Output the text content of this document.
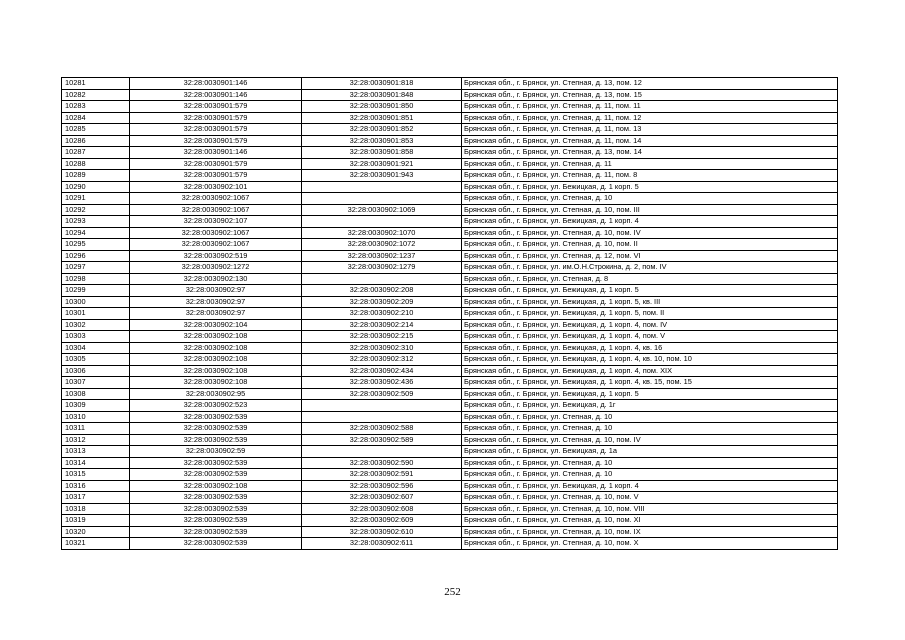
10281	32:28:0030901:146	32:28:0030901:818	Брянская обл., г. Брянск, ул. Степная, д. 13, пом. 12
10282	32:28:0030901:146	32:28:0030901:848	Брянская обл., г. Брянск, ул. Степная, д. 13, пом. 15
10283	32:28:0030901:579	32:28:0030901:850	Брянская обл., г. Брянск, ул. Степная, д. 11, пом. 11
10284	32:28:0030901:579	32:28:0030901:851	Брянская обл., г. Брянск, ул. Степная, д. 11, пом. 12
10285	32:28:0030901:579	32:28:0030901:852	Брянская обл., г. Брянск, ул. Степная, д. 11, пом. 13
10286	32:28:0030901:579	32:28:0030901:853	Брянская обл., г. Брянск, ул. Степная, д. 11, пом. 14
10287	32:28:0030901:146	32:28:0030901:858	Брянская обл., г. Брянск, ул. Степная, д. 13, пом. 14
10288	32:28:0030901:579	32:28:0030901:921	Брянская обл., г. Брянск, ул. Степная, д. 11
10289	32:28:0030901:579	32:28:0030901:943	Брянская обл., г. Брянск, ул. Степная, д. 11, пом. 8
10290	32:28:0030902:101		Брянская обл., г. Брянск, ул. Бежицкая, д. 1 корп. 5
10291	32:28:0030902:1067		Брянская обл., г. Брянск, ул. Степная, д. 10
10292	32:28:0030902:1067	32:28:0030902:1069	Брянская обл., г. Брянск, ул. Степная, д. 10, пом. III
10293	32:28:0030902:107		Брянская обл., г. Брянск, ул. Бежицкая, д. 1 корп. 4
10294	32:28:0030902:1067	32:28:0030902:1070	Брянская обл., г. Брянск, ул. Степная, д. 10, пом. IV
10295	32:28:0030902:1067	32:28:0030902:1072	Брянская обл., г. Брянск, ул. Степная, д. 10, пом. II
10296	32:28:0030902:519	32:28:0030902:1237	Брянская обл., г. Брянск, ул. Степная, д. 12, пом. VI
10297	32:28:0030902:1272	32:28:0030902:1279	Брянская обл., г. Брянск, ул. им.О.Н.Строкина, д. 2, пом. IV
10298	32:28:0030902:130		Брянская обл., г. Брянск, ул. Степная, д. 8
10299	32:28:0030902:97	32:28:0030902:208	Брянская обл., г. Брянск, ул. Бежицкая, д. 1 корп. 5
10300	32:28:0030902:97	32:28:0030902:209	Брянская обл., г. Брянск, ул. Бежицкая, д. 1 корп. 5, кв. III
10301	32:28:0030902:97	32:28:0030902:210	Брянская обл., г. Брянск, ул. Бежицкая, д. 1 корп. 5, пом. II
10302	32:28:0030902:104	32:28:0030902:214	Брянская обл., г. Брянск, ул. Бежицкая, д. 1 корп. 4, пом. IV
10303	32:28:0030902:108	32:28:0030902:215	Брянская обл., г. Брянск, ул. Бежицкая, д. 1 корп. 4, пом. V
10304	32:28:0030902:108	32:28:0030902:310	Брянская обл., г. Брянск, ул. Бежицкая, д. 1 корп. 4, кв. 16
10305	32:28:0030902:108	32:28:0030902:312	Брянская обл., г. Брянск, ул. Бежицкая, д. 1 корп. 4, кв. 10, пом. 10
10306	32:28:0030902:108	32:28:0030902:434	Брянская обл., г. Брянск, ул. Бежицкая, д. 1 корп. 4, пом. XIX
10307	32:28:0030902:108	32:28:0030902:436	Брянская обл., г. Брянск, ул. Бежицкая, д. 1 корп. 4, кв. 15, пом. 15
10308	32:28:0030902:95	32:28:0030902:509	Брянская обл., г. Брянск, ул. Бежицкая, д. 1 корп. 5
10309	32:28:0030902:523		Брянская обл., г. Брянск, ул. Бежицкая, д. 1г
10310	32:28:0030902:539		Брянская обл., г. Брянск, ул. Степная, д. 10
10311	32:28:0030902:539	32:28:0030902:588	Брянская обл., г. Брянск, ул. Степная, д. 10
10312	32:28:0030902:539	32:28:0030902:589	Брянская обл., г. Брянск, ул. Степная, д. 10, пом. IV
10313	32:28:0030902:59		Брянская обл., г. Брянск, ул. Бежицкая, д. 1а
10314	32:28:0030902:539	32:28:0030902:590	Брянская обл., г. Брянск, ул. Степная, д. 10
10315	32:28:0030902:539	32:28:0030902:591	Брянская обл., г. Брянск, ул. Степная, д. 10
10316	32:28:0030902:108	32:28:0030902:596	Брянская обл., г. Брянск, ул. Бежицкая, д. 1 корп. 4
10317	32:28:0030902:539	32:28:0030902:607	Брянская обл., г. Брянск, ул. Степная, д. 10, пом. V
10318	32:28:0030902:539	32:28:0030902:608	Брянская обл., г. Брянск, ул. Степная, д. 10, пом. VIII
10319	32:28:0030902:539	32:28:0030902:609	Брянская обл., г. Брянск, ул. Степная, д. 10, пом. XI
10320	32:28:0030902:539	32:28:0030902:610	Брянская обл., г. Брянск, ул. Степная, д. 10, пом. IX
10321	32:28:0030902:539	32:28:0030902:611	Брянская обл., г. Брянск, ул. Степная, д. 10, пом. X
252
